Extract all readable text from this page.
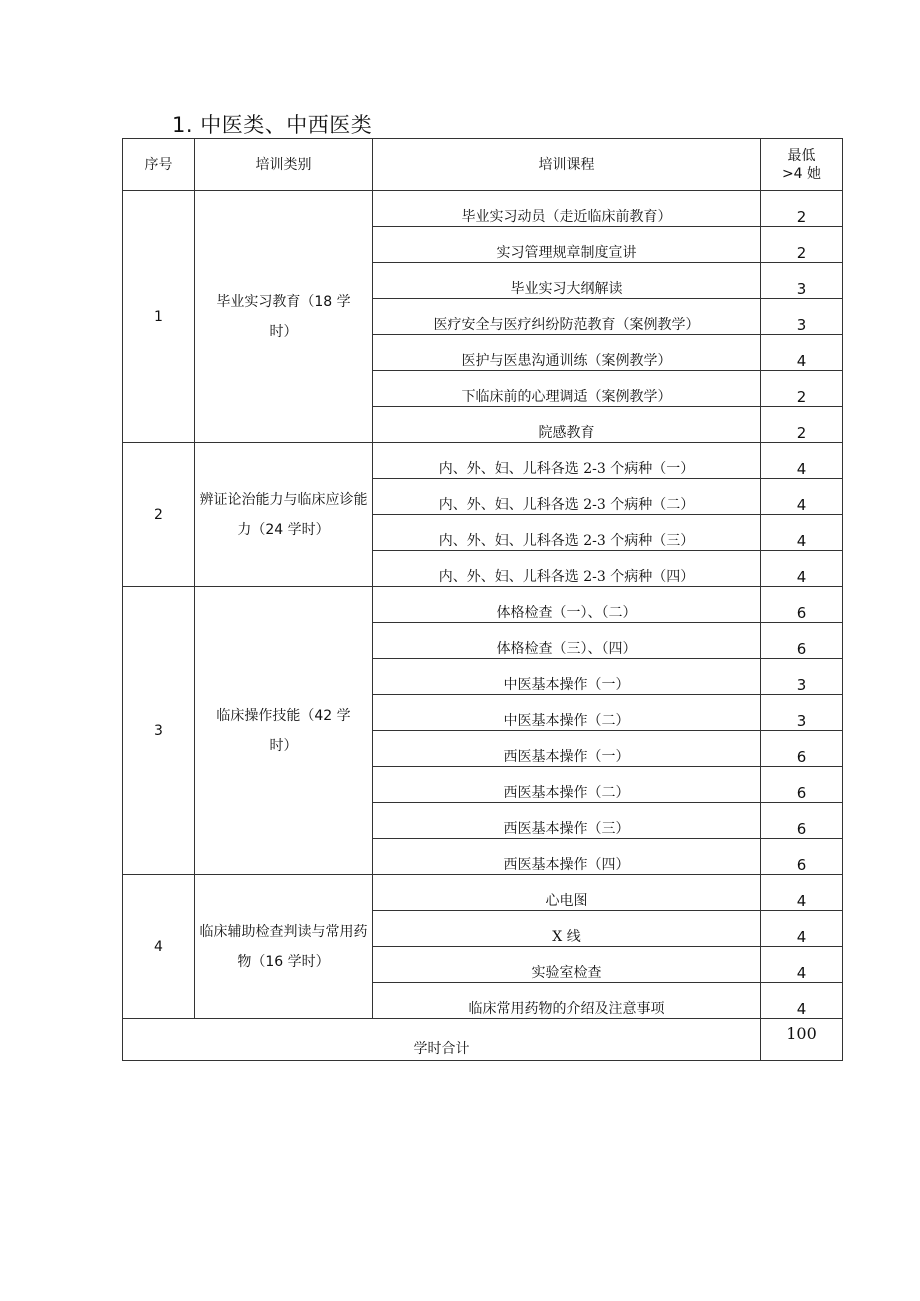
1. 中医类、中西医类
序号	培训类别	培训课程	最低
>4 她

1	毕业实习教育（18 学时）	毕业实习动员（走近临床前教育）	2
		实习管理规章制度宣讲	2
		毕业实习大纲解读	3
		医疗安全与医疗纠纷防范教育（案例教学）	3
		医护与医患沟通训练（案例教学）	4
		下临床前的心理调适（案例教学）	2
		院感教育	2
2	辨证论治能力与临床应诊能力（24 学时）	内、外、妇、儿科各选 2-3 个病种（一）	4
		内、外、妇、儿科各选 2-3 个病种（二）	4
		内、外、妇、儿科各选 2-3 个病种（三）	4
		内、外、妇、儿科各选 2-3 个病种（四）	4
3	临床操作技能（42 学时）	体格检查（一）、（二）	6
		体格检查（三）、（四）	6
		中医基本操作（一）	3
		中医基本操作（二）	3
		西医基本操作（一）	6
		西医基本操作（二）	6
		西医基本操作（三）	6
		西医基本操作（四）	6
4	临床辅助检查判读与常用药物（16 学时）	心电图	4
		X 线	4
		实验室检查	4
		临床常用药物的介绍及注意事项	4
学时合计			100
